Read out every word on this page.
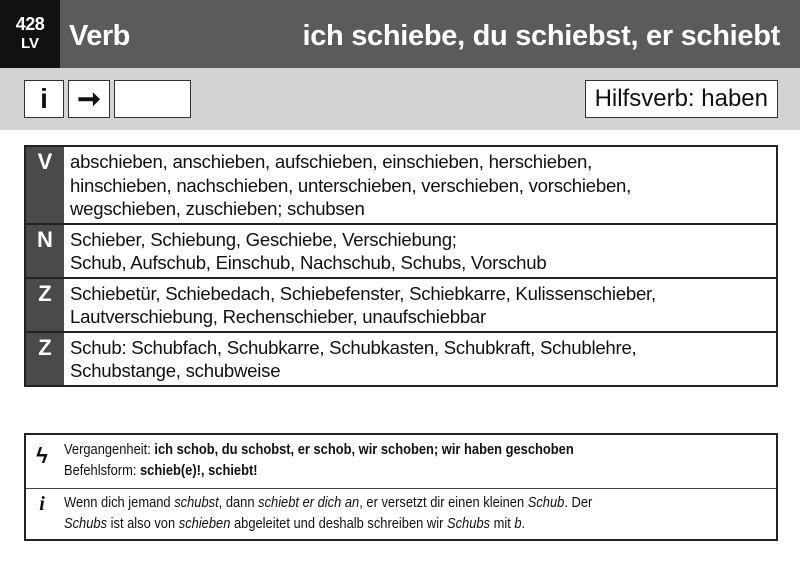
428
LV	Verb	ich schiebe, du schiebst, er schiebt
i	➞	Hilfsverb: haben
V abschieben, anschieben, aufschieben, einschieben, herschieben,
hinschieben, nachschieben, unterschieben, verschieben, vorschieben,
wegschieben, zuschieben; schubsen
N Schieber, Schiebung, Geschiebe, Verschiebung;
Schub, Aufschub, Einschub, Nachschub, Schubs, Vorschub
Z Schiebetür, Schiebedach, Schiebefenster, Schiebkarre, Kulissenschieber,
Lautverschiebung, Rechenschieber, unaufschiebbar
Z Schub: Schubfach, Schubkarre, Schubkasten, Schubkraft, Schublehre,
Schubstange, schubweise
ϟ	Vergangenheit: ich schob, du schobst, er schob, wir schoben; wir haben geschoben
Befehlsform: schieb(e)!, schiebt!
i	Wenn dich jemand schubst, dann schiebt er dich an, er versetzt dir einen kleinen Schub. Der
Schubs ist also von schieben abgeleitet und deshalb schreiben wir Schubs mit b.
